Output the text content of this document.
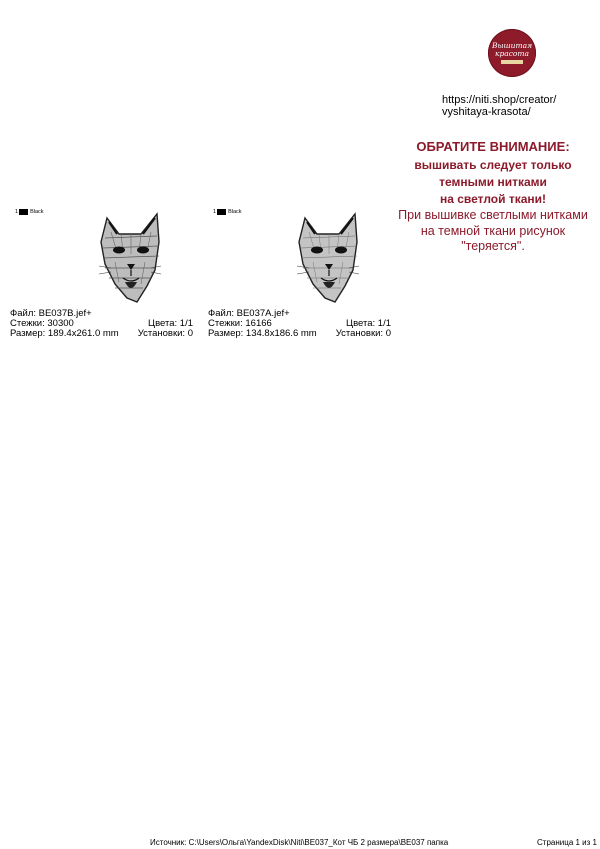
Вышитая
красота
https://niti.shop/creator/
vyshitaya-krasota/
ОБРАТИТЕ ВНИМАНИЕ:
вышивать следует только
темными нитками
на светлой ткани!
При вышивке светлыми нитками
на темной ткани рисунок
"теряется".
1 Black
Файл: BE037B.jef+
Стежки: 30300	Цвета: 1/1
Размер: 189.4x261.0 mm Установки: 0
1 Black
Файл: BE037A.jef+
Стежки: 16166	Цвета: 1/1
Размер: 134.8x186.6 mm Установки: 0
Источник: C:\Users\Ольга\YandexDisk\Niti\BE037_Кот ЧБ 2 размера\BE037 папка	Страница 1 из 1
